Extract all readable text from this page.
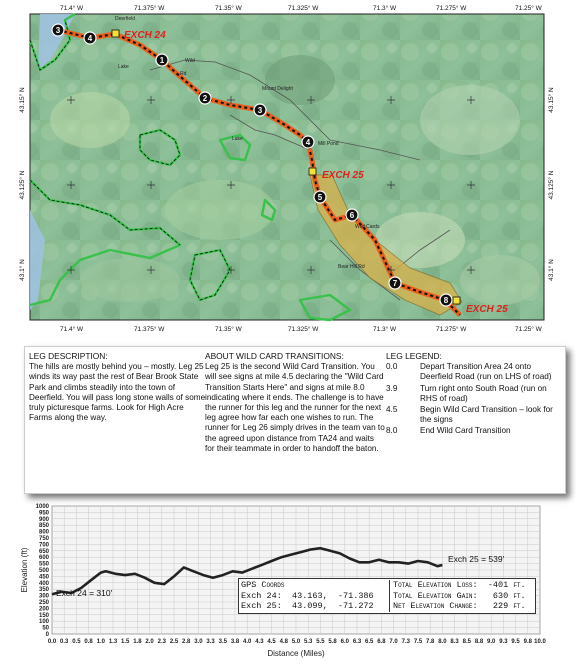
Deerfield
Lake
Lake
Mill Pond
Wild
Mount Delight
Rd
Wild Cards
Bear Hill Rd
1
2
3
4
5
6
7
8
3
4	EXCH 24
EXCH 25
EXCH 25
71.4° W	71.375° W	71.35° W	71.325° W	71.3° W	71.275° W	71.25° W
71.4° W	71.375° W	71.35° W	71.325° W	71.3° W	71.275° W	71.25° W
43.15° N
43.125° N
43.1° N
43.15° N
43.125° N
43.1° N
LEG DESCRIPTION:

The hills are mostly behind you – mostly. Leg 25 winds its way past the rest of Bear Brook State Park and climbs steadily into the town of Deerfield. You will pass long stone walls of some truly picturesque farms. Look for High Acre Farms along the way.

ABOUT WILD CARD TRANSITIONS:

Leg 25 is the second Wild Card Transition. You will see signs at mile 4.5 declaring the "Wild Card Transition Starts Here" and signs at mile 8.0 indicating where it ends. The challenge is to have the runner for this leg and the runner for the next leg agree how far each one wishes to run. The runner for Leg 26 simply drives in the team van to the agreed upon distance from TA24 and waits for their teammate in order to handoff the baton.

LEG LEGEND:
0.0	Depart Transition Area 24 onto Deerfield Road (run on LHS of road)
3.9	Turn right onto South Road (run on RHS of road)
4.5	Begin Wild Card Transition – look for the signs
8.0	End Wild Card Transition
0
50
100
150
200
250
300
350
400
450
500
550
600
650
700
750
800
850
900
950
1000
0.0 0.3 0.5 0.8 1.0 1.3 1.5 1.8 2.0 2.3 2.5 2.8 3.0 3.3 3.5 3.8 4.0 4.3 4.5 4.8 5.0 5.3 5.5 5.8 6.0 6.3 6.5 6.8 7.0 7.3 7.5 7.8 8.0 8.3 8.5 8.8 9.0 9.3 9.5 9.8 10.0
Elevation (ft)
Distance (Miles)
Exch 24 = 310'
Exch 25 = 539'
GPS Coords
Exch 24:  43.163,  -71.386
Exch 25:  43.099,  -71.272
Total Elevation Loss:  -401 ft.
Total Elevation Gain:   630 ft.
Net Elevation Change:   229 ft.
